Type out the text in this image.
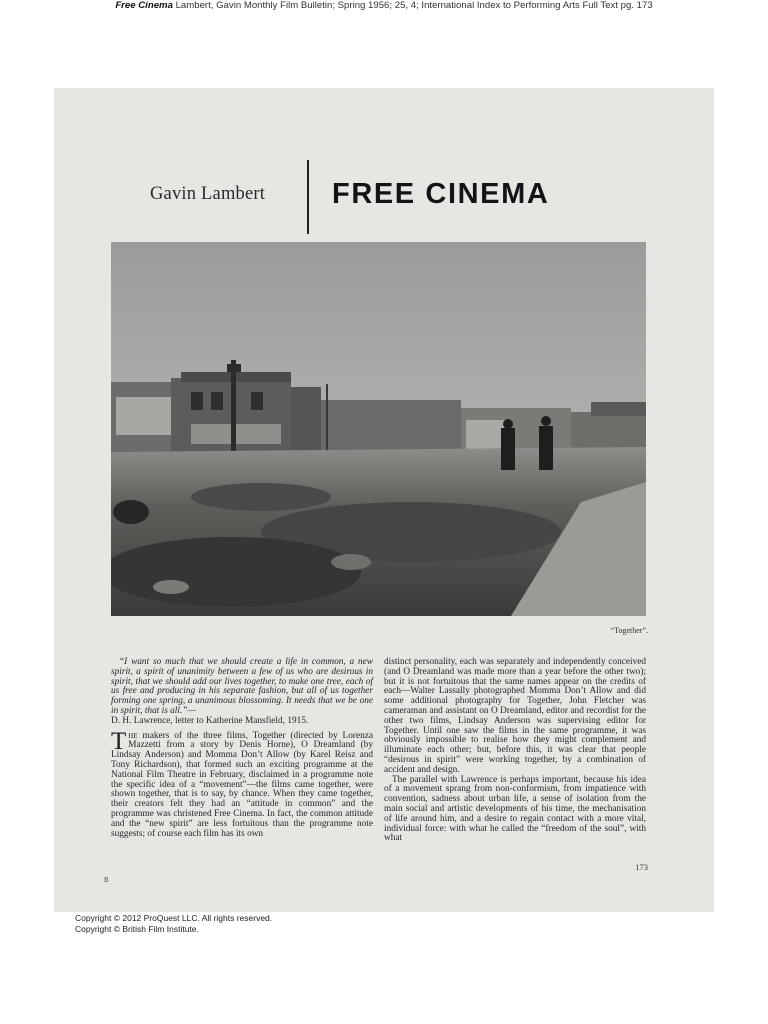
Free Cinema Lambert, Gavin Monthly Film Bulletin; Spring 1956; 25, 4; International Index to Performing Arts Full Text pg. 173
Gavin Lambert	FREE CINEMA
“Together”.

“I want so much that we should create a life in common, a new spirit, a spirit of unanimity between a few of us who are desirous in spirit, that we should add our lives together, to make one tree, each of us free and producing in his separate fashion, but all of us together forming one spring, a unanimous blossoming. It needs that we be one in spirit, that is all.”—

D. H. Lawrence, letter to Katherine Mansfield, 1915.

The makers of the three films, Together (directed by Lorenza Mazzetti from a story by Denis Horne), O Dreamland (by Lindsay Anderson) and Momma Don’t Allow (by Karel Reisz and Tony Richardson), that formed such an exciting programme at the National Film Theatre in February, disclaimed in a programme note the specific idea of a “movement”—the films came together, were shown together, that is to say, by chance. When they came together, their creators felt they had an “attitude in common” and the programme was christened Free Cinema. In fact, the common attitude and the “new spirit” are less fortuitous than the programme note suggests; of course each film has its own

distinct personality, each was separately and independently conceived (and O Dreamland was made more than a year before the other two); but it is not fortuitous that the same names appear on the credits of each—Walter Lassally photographed Momma Don’t Allow and did some additional photography for Together, John Fletcher was cameraman and assistant on O Dreamland, editor and recordist for the other two films, Lindsay Anderson was supervising editor for Together. Until one saw the films in the same programme, it was obviously impossible to realise how they might complement and illuminate each other; but, before this, it was clear that people “desirous in spirit” were working together, by a combination of accident and design.

The parallel with Lawrence is perhaps important, because his idea of a movement sprang from non-conformism, from impatience with convention, sadness about urban life, a sense of isolation from the main social and artistic developments of his time, the mechanisation of life around him, and a desire to regain contact with a more vital, individual force: with what he called the “freedom of the soul”, with what

173
B
Copyright © 2012 ProQuest LLC. All rights reserved.
Copyright © British Film Institute.
